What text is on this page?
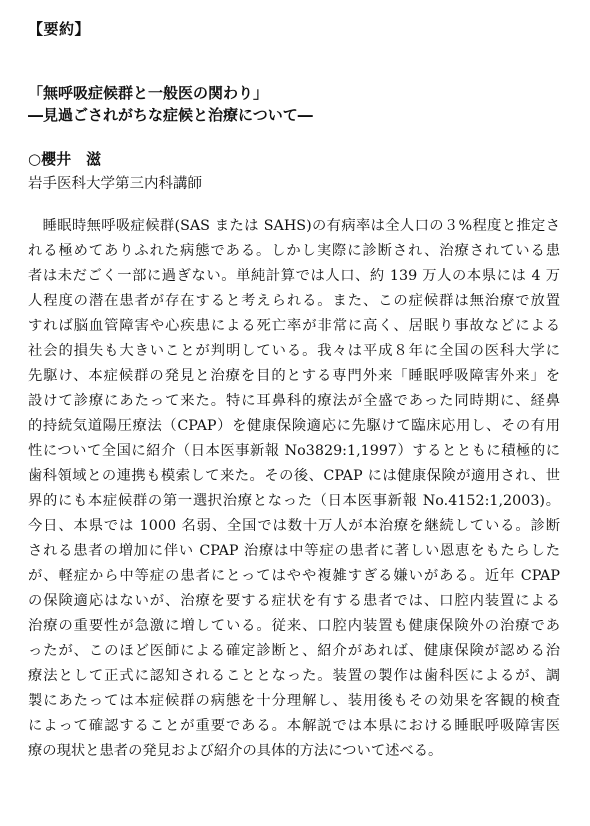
【要約】
「無呼吸症候群と一般医の関わり」
―見過ごされがちな症候と治療について―
○櫻井　滋
岩手医科大学第三内科講師
　睡眠時無呼吸症候群(SAS または SAHS)の有病率は全人口の３%程度と推定さ
れる極めてありふれた病態である。しかし実際に診断され、治療されている患
者は未だごく一部に過ぎない。単純計算では人口、約 139 万人の本県には 4 万
人程度の潜在患者が存在すると考えられる。また、この症候群は無治療で放置
すれば脳血管障害や心疾患による死亡率が非常に高く、居眠り事故などによる
社会的損失も大きいことが判明している。我々は平成８年に全国の医科大学に
先駆け、本症候群の発見と治療を目的とする専門外来「睡眠呼吸障害外来」を
設けて診療にあたって来た。特に耳鼻科的療法が全盛であった同時期に、経鼻
的持続気道陽圧療法（CPAP）を健康保険適応に先駆けて臨床応用し、その有用
性について全国に紹介（日本医事新報 No3829:1,1997）するとともに積極的に
歯科領域との連携も模索して来た。その後、CPAP には健康保険が適用され、世
界的にも本症候群の第一選択治療となった（日本医事新報 No.4152:1,2003)。
今日、本県では 1000 名弱、全国では数十万人が本治療を継続している。診断
される患者の増加に伴い CPAP 治療は中等症の患者に著しい恩恵をもたらした
が、軽症から中等症の患者にとってはやや複雑すぎる嫌いがある。近年 CPAP
の保険適応はないが、治療を要する症状を有する患者では、口腔内装置による
治療の重要性が急激に増している。従来、口腔内装置も健康保険外の治療であ
ったが、このほど医師による確定診断と、紹介があれば、健康保険が認める治
療法として正式に認知されることとなった。装置の製作は歯科医によるが、調
製にあたっては本症候群の病態を十分理解し、装用後もその効果を客観的検査
によって確認することが重要である。本解説では本県における睡眠呼吸障害医
療の現状と患者の発見および紹介の具体的方法について述べる。
